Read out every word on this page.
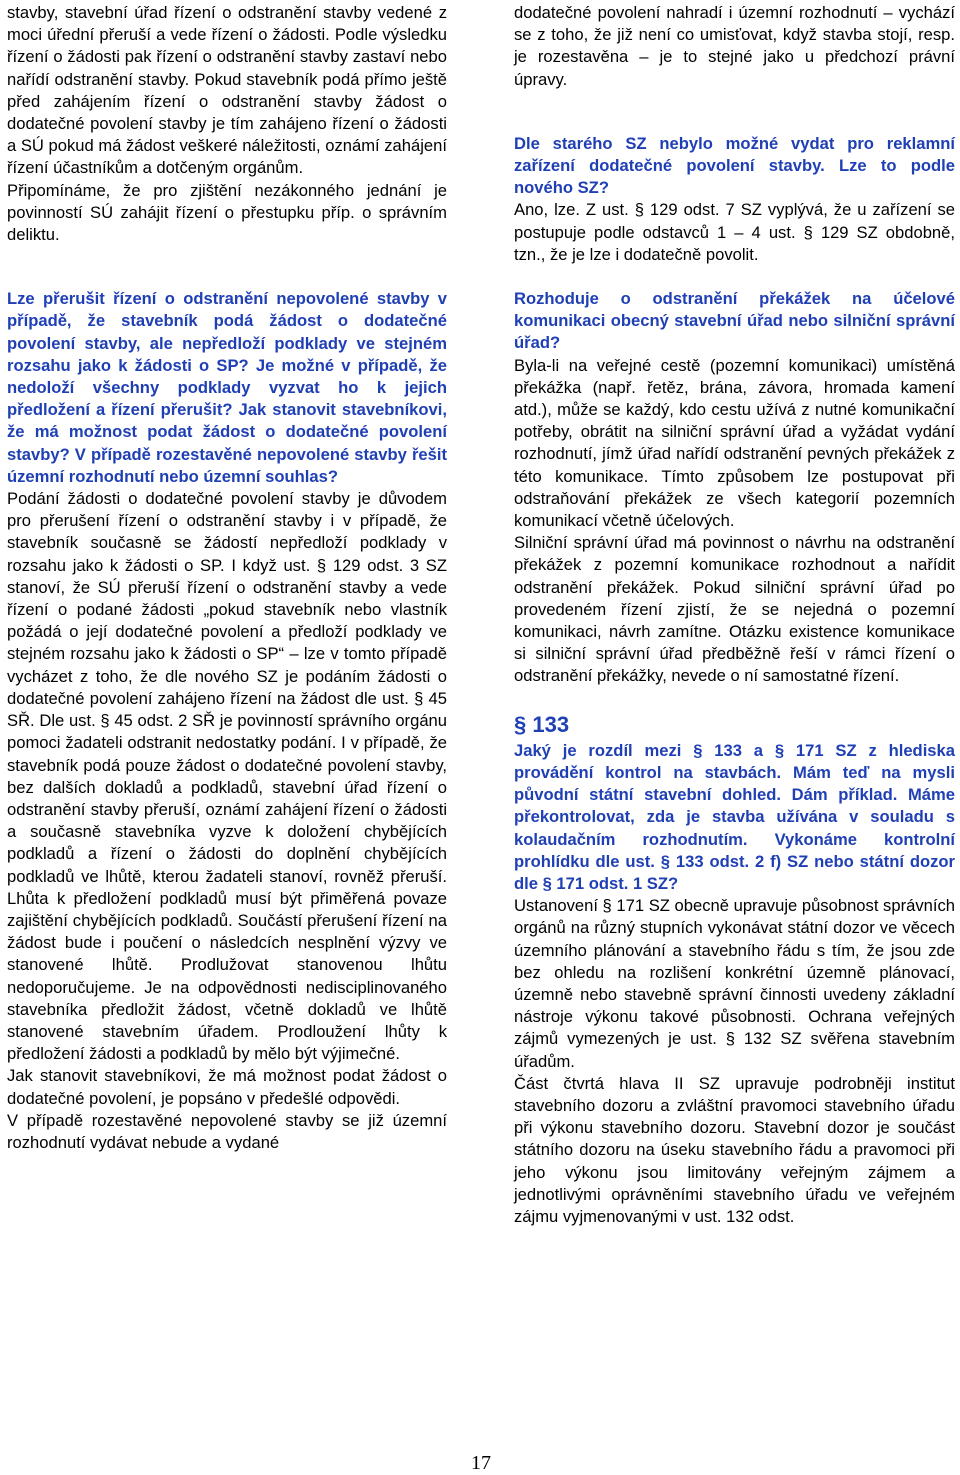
stavby, stavební úřad řízení o odstranění stavby vedené z moci úřední přeruší a vede řízení o žádosti. Podle výsledku řízení o žádosti pak řízení o odstranění stavby zastaví nebo nařídí odstranění stavby. Pokud stavebník podá přímo ještě před zahájením řízení o odstranění stavby žádost o dodatečné povolení stavby je tím zahájeno řízení o žádosti a SÚ pokud má žádost veškeré náležitosti, oznámí zahájení řízení účastníkům a dotčeným orgánům.

Připomínáme, že pro zjištění nezákonného jednání je povinností SÚ zahájit řízení o přestupku příp. o správním deliktu.

Lze přerušit řízení o odstranění nepovolené stavby v případě, že stavebník podá žádost o dodatečné povolení stavby, ale nepředloží podklady ve stejném rozsahu jako k žádosti o SP? Je možné v případě, že nedoloží všechny podklady vyzvat ho k jejich předložení a řízení přerušit? Jak stanovit stavebníkovi, že má možnost podat žádost o dodatečné povolení stavby? V případě rozestavěné nepovolené stavby řešit územní rozhodnutí nebo územní souhlas?

Podání žádosti o dodatečné povolení stavby je důvodem pro přerušení řízení o odstranění stavby i v případě, že stavebník současně se žádostí nepředloží podklady v rozsahu jako k žádosti o SP. I když ust. § 129 odst. 3 SZ stanoví, že SÚ přeruší řízení o odstranění stavby a vede řízení o podané žádosti „pokud stavebník nebo vlastník požádá o její dodatečné povolení a předloží podklady ve stejném rozsahu jako k žádosti o SP“ – lze v tomto případě vycházet z toho, že dle nového SZ je podáním žádosti o dodatečné povolení zahájeno řízení na žádost dle ust. § 45 SŘ. Dle ust. § 45 odst. 2 SŘ je povinností správního orgánu pomoci žadateli odstranit nedostatky podání. I v případě, že stavebník podá pouze žádost o dodatečné povolení stavby, bez dalších dokladů a podkladů, stavební úřad řízení o odstranění stavby přeruší, oznámí zahájení řízení o žádosti a současně stavebníka vyzve k doložení chybějících podkladů a řízení o žádosti do doplnění chybějících podkladů ve lhůtě, kterou žadateli stanoví, rovněž přeruší. Lhůta k předložení podkladů musí být přiměřená povaze zajištění chybějících podkladů. Součástí přerušení řízení na žádost bude i poučení o následcích nesplnění výzvy ve stanovené lhůtě. Prodlužovat stanovenou lhůtu nedoporučujeme. Je na odpovědnosti nedisciplinovaného stavebníka předložit žádost, včetně dokladů ve lhůtě stanovené stavebním úřadem. Prodloužení lhůty k předložení žádosti a podkladů by mělo být výjimečné.

Jak stanovit stavebníkovi, že má možnost podat žádost o dodatečné povolení, je popsáno v předešlé odpovědi.

V případě rozestavěné nepovolené stavby se již územní rozhodnutí vydávat nebude a vydané

dodatečné povolení nahradí i územní rozhodnutí – vychází se z toho, že již není co umisťovat, když stavba stojí, resp. je rozestavěna – je to stejné jako u předchozí právní úpravy.

Dle starého SZ nebylo možné vydat pro reklamní zařízení dodatečné povolení stavby. Lze to podle nového SZ?

Ano, lze. Z ust. § 129 odst. 7 SZ vyplývá, že u zařízení se postupuje podle odstavců 1 – 4 ust. § 129 SZ obdobně, tzn., že je lze i dodatečně povolit.

Rozhoduje o odstranění překážek na účelové komunikaci obecný stavební úřad nebo silniční správní úřad?

Byla-li na veřejné cestě (pozemní komunikaci) umístěná překážka (např. řetěz, brána, závora, hromada kamení atd.), může se každý, kdo cestu užívá z nutné komunikační potřeby, obrátit na silniční správní úřad a vyžádat vydání rozhodnutí, jímž úřad nařídí odstranění pevných překážek z této komunikace. Tímto způsobem lze postupovat při odstraňování překážek ze všech kategorií pozemních komunikací včetně účelových.

Silniční správní úřad má povinnost o návrhu na odstranění překážek z pozemní komunikace rozhodnout a nařídit odstranění překážek. Pokud silniční správní úřad po provedeném řízení zjistí, že se nejedná o pozemní komunikaci, návrh zamítne. Otázku existence komunikace si silniční správní úřad předběžně řeší v rámci řízení o odstranění překážky, nevede o ní samostatné řízení.

§ 133

Jaký je rozdíl mezi § 133 a § 171 SZ z hlediska provádění kontrol na stavbách. Mám teď na mysli původní státní stavební dohled. Dám příklad. Máme překontrolovat, zda je stavba užívána v souladu s kolaudačním rozhodnutím. Vykonáme kontrolní prohlídku dle ust. § 133 odst. 2 f) SZ nebo státní dozor dle § 171 odst. 1 SZ?

Ustanovení § 171 SZ obecně upravuje působnost správních orgánů na různý stupních vykonávat státní dozor ve věcech územního plánování a stavebního řádu s tím, že jsou zde bez ohledu na rozlišení konkrétní územně plánovací, územně nebo stavebně správní činnosti uvedeny základní nástroje výkonu takové působnosti. Ochrana veřejných zájmů vymezených je ust. § 132 SZ svěřena stavebním úřadům.

Část čtvrtá hlava II SZ upravuje podrobněji institut stavebního dozoru a zvláštní pravomoci stavebního úřadu při výkonu stavebního dozoru. Stavební dozor je součást státního dozoru na úseku stavebního řádu a pravomoci při jeho výkonu jsou limitovány veřejným zájmem a jednotlivými oprávněními stavebního úřadu ve veřejném zájmu vyjmenovanými v ust. 132 odst.

17
